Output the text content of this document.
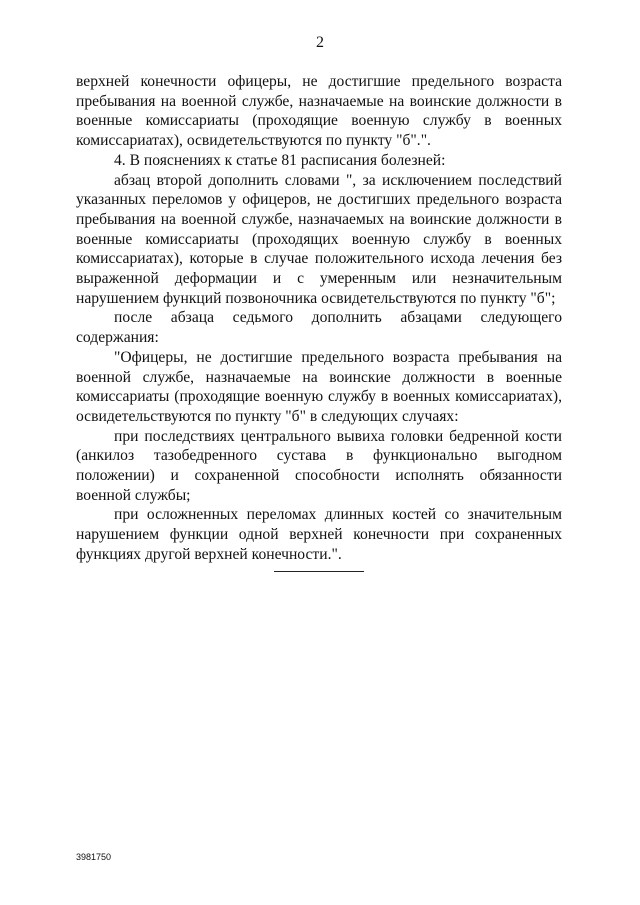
2

верхней конечности офицеры, не достигшие предельного возраста пребывания на военной службе, назначаемые на воинские должности в военные комиссариаты (проходящие военную службу в военных комиссариатах), освидетельствуются по пункту "б".".

4. В пояснениях к статье 81 расписания болезней:

абзац второй дополнить словами ", за исключением последствий указанных переломов у офицеров, не достигших предельного возраста пребывания на военной службе, назначаемых на воинские должности в военные комиссариаты (проходящих военную службу в военных комиссариатах), которые в случае положительного исхода лечения без выраженной деформации и с умеренным или незначительным нарушением функций позвоночника освидетельствуются по пункту "б";

после абзаца седьмого дополнить абзацами следующего содержания:

"Офицеры, не достигшие предельного возраста пребывания на военной службе, назначаемые на воинские должности в военные комиссариаты (проходящие военную службу в военных комиссариатах), освидетельствуются по пункту "б" в следующих случаях:

при последствиях центрального вывиха головки бедренной кости (анкилоз тазобедренного сустава в функционально выгодном положении) и сохраненной способности исполнять обязанности военной службы;

при осложненных переломах длинных костей со значительным нарушением функции одной верхней конечности при сохраненных функциях другой верхней конечности.".

3981750
